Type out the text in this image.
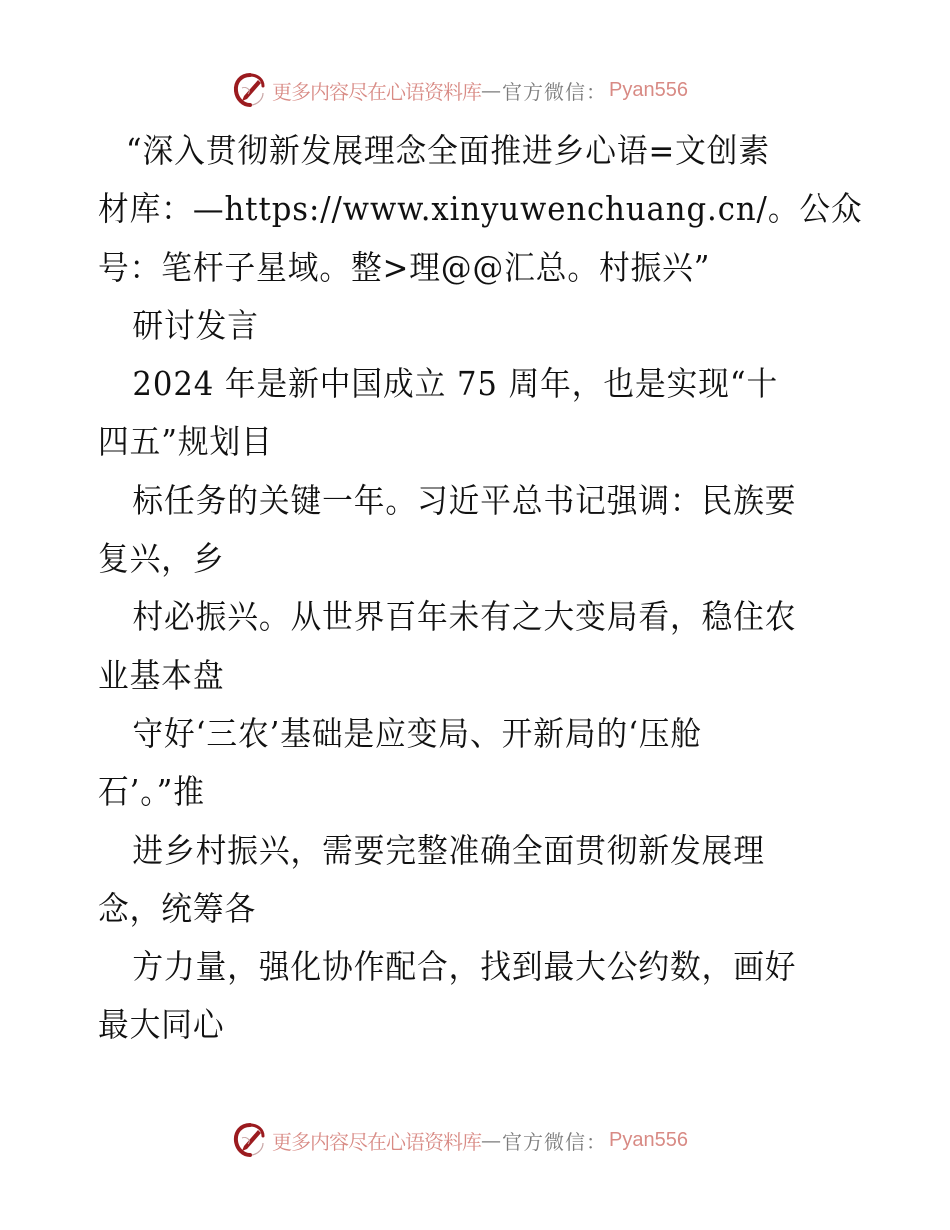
更多内容尽在心语资料库 — 官方微信： Pyan556
“深入贯彻新发展理念全面推进乡心语=文创素
材库：—https://www.xinyuwenchuang.cn/。公众
号：笔杆子星域。整>理@@汇总。村振兴”
研讨发言
2024 年是新中国成立 75 周年，也是实现“十
四五”规划目
标任务的关键一年。习近平总书记强调：民族要
复兴，乡
村必振兴。从世界百年未有之大变局看，稳住农
业基本盘
守好‘三农’基础是应变局、开新局的‘压舱
石’。”推
进乡村振兴，需要完整准确全面贯彻新发展理
念，统筹各
方力量，强化协作配合，找到最大公约数，画好
最大同心
更多内容尽在心语资料库 — 官方微信： Pyan556
